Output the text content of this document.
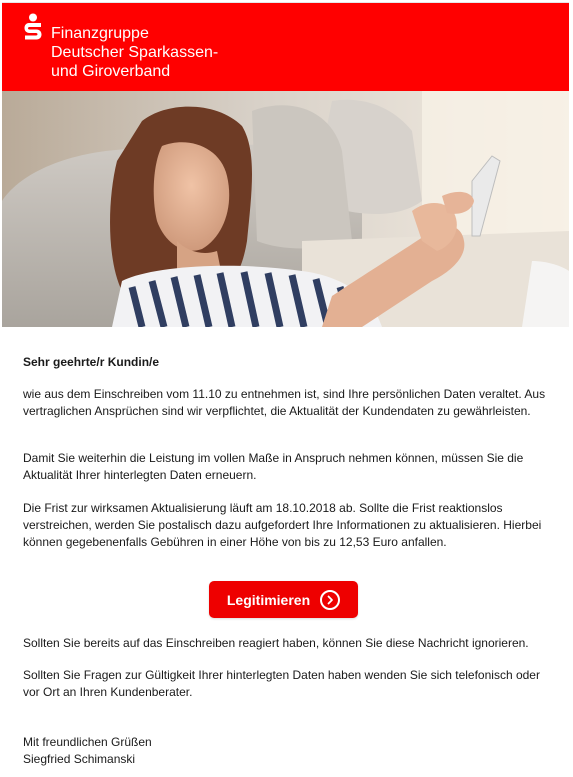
Finanzgruppe
Deutscher Sparkassen-
und Giroverband

Sehr geehrte/r Kundin/e

wie aus dem Einschreiben vom 11.10 zu entnehmen ist, sind Ihre persönlichen Daten veraltet. Aus vertraglichen Ansprüchen sind wir verpflichtet, die Aktualität der Kundendaten zu gewährleisten.

Damit Sie weiterhin die Leistung im vollen Maße in Anspruch nehmen können, müssen Sie die Aktualität Ihrer hinterlegten Daten erneuern.

Die Frist zur wirksamen Aktualisierung läuft am 18.10.2018 ab. Sollte die Frist reaktionslos verstreichen, werden Sie postalisch dazu aufgefordert Ihre Informationen zu aktualisieren. Hierbei können gegebenenfalls Gebühren in einer Höhe von bis zu 12,53 Euro anfallen.

Legitimieren

Sollten Sie bereits auf das Einschreiben reagiert haben, können Sie diese Nachricht ignorieren.

Sollten Sie Fragen zur Gültigkeit Ihrer hinterlegten Daten haben wenden Sie sich telefonisch oder vor Ort an Ihren Kundenberater.

Mit freundlichen Grüßen

Siegfried Schimanski
